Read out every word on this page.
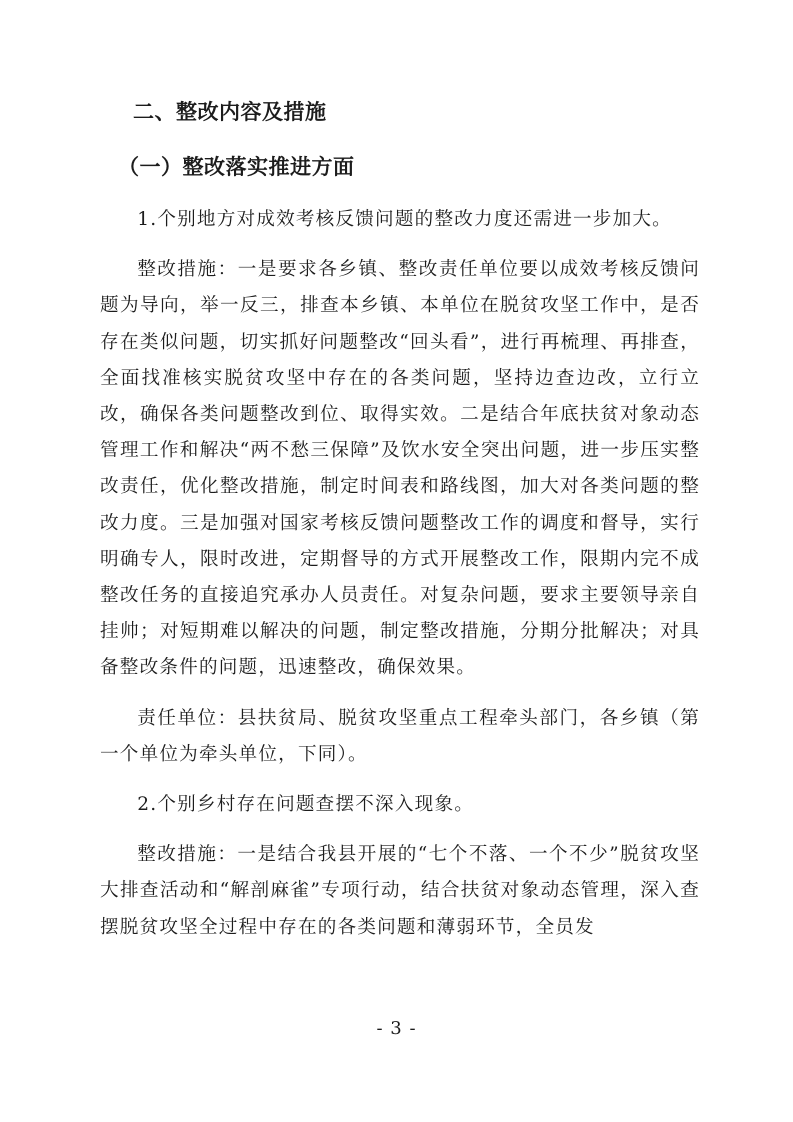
二、整改内容及措施
（一）整改落实推进方面

1.个别地方对成效考核反馈问题的整改力度还需进一步加大。

整改措施：一是要求各乡镇、整改责任单位要以成效考核反馈问题为导向，举一反三，排查本乡镇、本单位在脱贫攻坚工作中，是否存在类似问题，切实抓好问题整改“回头看”，进行再梳理、再排查，全面找准核实脱贫攻坚中存在的各类问题，坚持边查边改，立行立改，确保各类问题整改到位、取得实效。二是结合年底扶贫对象动态管理工作和解决“两不愁三保障”及饮水安全突出问题，进一步压实整改责任，优化整改措施，制定时间表和路线图，加大对各类问题的整改力度。三是加强对国家考核反馈问题整改工作的调度和督导，实行明确专人，限时改进，定期督导的方式开展整改工作，限期内完不成整改任务的直接追究承办人员责任。对复杂问题，要求主要领导亲自挂帅；对短期难以解决的问题，制定整改措施，分期分批解决；对具备整改条件的问题，迅速整改，确保效果。

责任单位：县扶贫局、脱贫攻坚重点工程牵头部门，各乡镇（第一个单位为牵头单位，下同）。

2.个别乡村存在问题查摆不深入现象。

整改措施：一是结合我县开展的“七个不落、一个不少”脱贫攻坚大排查活动和“解剖麻雀”专项行动，结合扶贫对象动态管理，深入查摆脱贫攻坚全过程中存在的各类问题和薄弱环节，全员发

- 3 -
